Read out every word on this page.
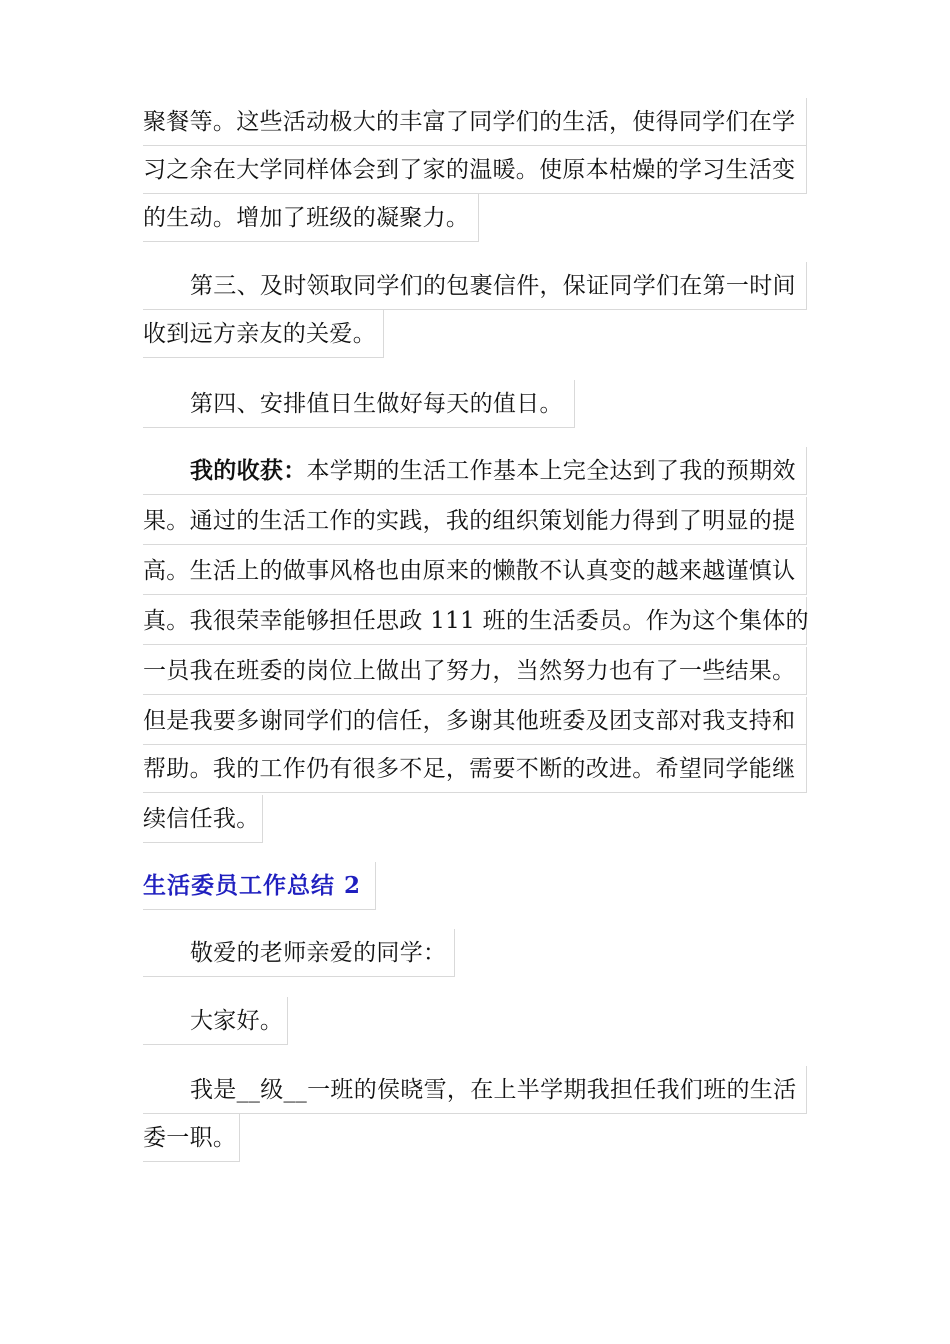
聚餐等。这些活动极大的丰富了同学们的生活，使得同学们在学
习之余在大学同样体会到了家的温暖。使原本枯燥的学习生活变
的生动。增加了班级的凝聚力。
第三、及时领取同学们的包裹信件，保证同学们在第一时间
收到远方亲友的关爱。
第四、安排值日生做好每天的值日。
我的收获：本学期的生活工作基本上完全达到了我的预期效
果。通过的生活工作的实践，我的组织策划能力得到了明显的提
高。生活上的做事风格也由原来的懒散不认真变的越来越谨慎认
真。我很荣幸能够担任思政 111 班的生活委员。作为这个集体的
一员我在班委的岗位上做出了努力，当然努力也有了一些结果。
但是我要多谢同学们的信任，多谢其他班委及团支部对我支持和
帮助。我的工作仍有很多不足，需要不断的改进。希望同学能继
续信任我。
生活委员工作总结 2
敬爱的老师亲爱的同学：
大家好。
我是__级__一班的侯晓雪，在上半学期我担任我们班的生活
委一职。
